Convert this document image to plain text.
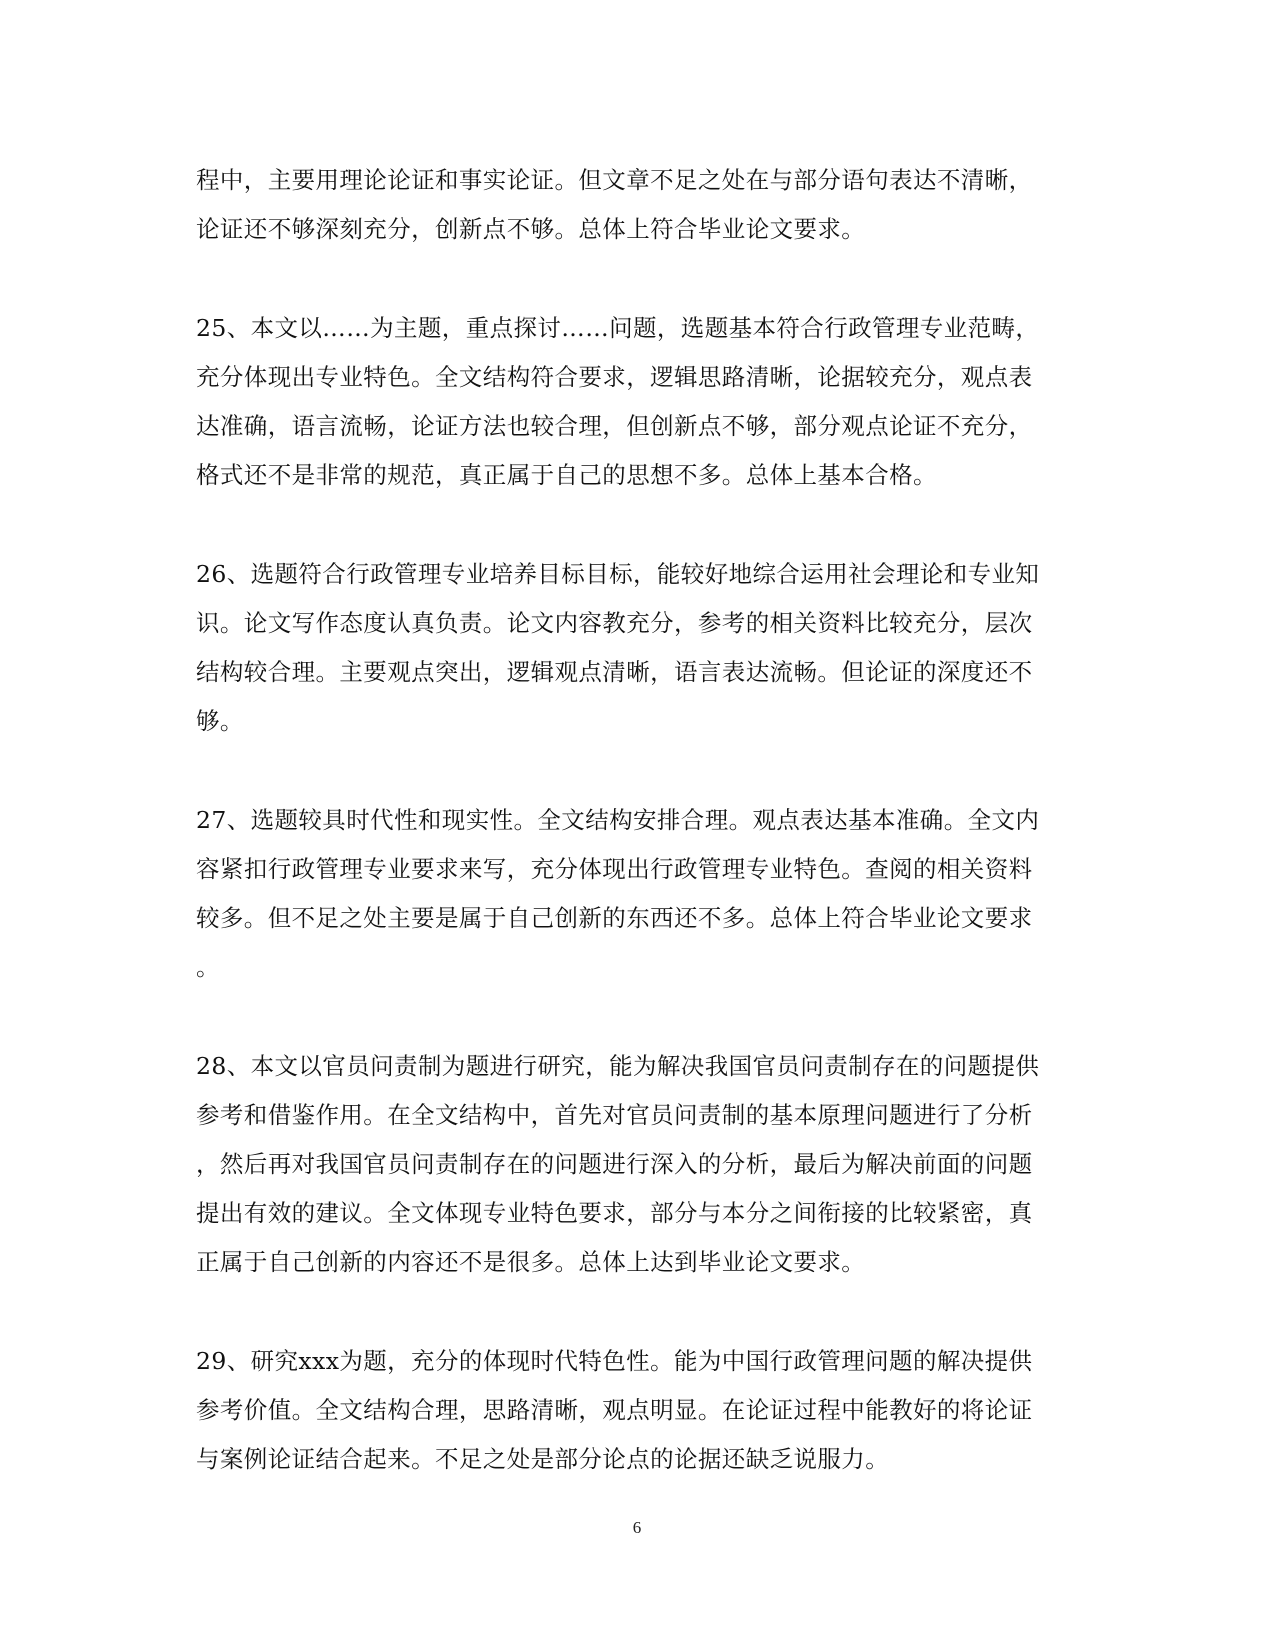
程中，主要用理论论证和事实论证。但文章不足之处在与部分语句表达不清晰，
论证还不够深刻充分，创新点不够。总体上符合毕业论文要求。
25、本文以……为主题，重点探讨……问题，选题基本符合行政管理专业范畴，
充分体现出专业特色。全文结构符合要求，逻辑思路清晰，论据较充分，观点表
达准确，语言流畅，论证方法也较合理，但创新点不够，部分观点论证不充分，
格式还不是非常的规范，真正属于自己的思想不多。总体上基本合格。
26、选题符合行政管理专业培养目标目标，能较好地综合运用社会理论和专业知
识。论文写作态度认真负责。论文内容教充分，参考的相关资料比较充分，层次
结构较合理。主要观点突出，逻辑观点清晰，语言表达流畅。但论证的深度还不
够。
27、选题较具时代性和现实性。全文结构安排合理。观点表达基本准确。全文内
容紧扣行政管理专业要求来写，充分体现出行政管理专业特色。查阅的相关资料
较多。但不足之处主要是属于自己创新的东西还不多。总体上符合毕业论文要求
。
28、本文以官员问责制为题进行研究，能为解决我国官员问责制存在的问题提供
参考和借鉴作用。在全文结构中，首先对官员问责制的基本原理问题进行了分析
，然后再对我国官员问责制存在的问题进行深入的分析，最后为解决前面的问题
提出有效的建议。全文体现专业特色要求，部分与本分之间衔接的比较紧密，真
正属于自己创新的内容还不是很多。总体上达到毕业论文要求。
29、研究xxx为题，充分的体现时代特色性。能为中国行政管理问题的解决提供
参考价值。全文结构合理，思路清晰，观点明显。在论证过程中能教好的将论证
与案例论证结合起来。不足之处是部分论点的论据还缺乏说服力。
6
